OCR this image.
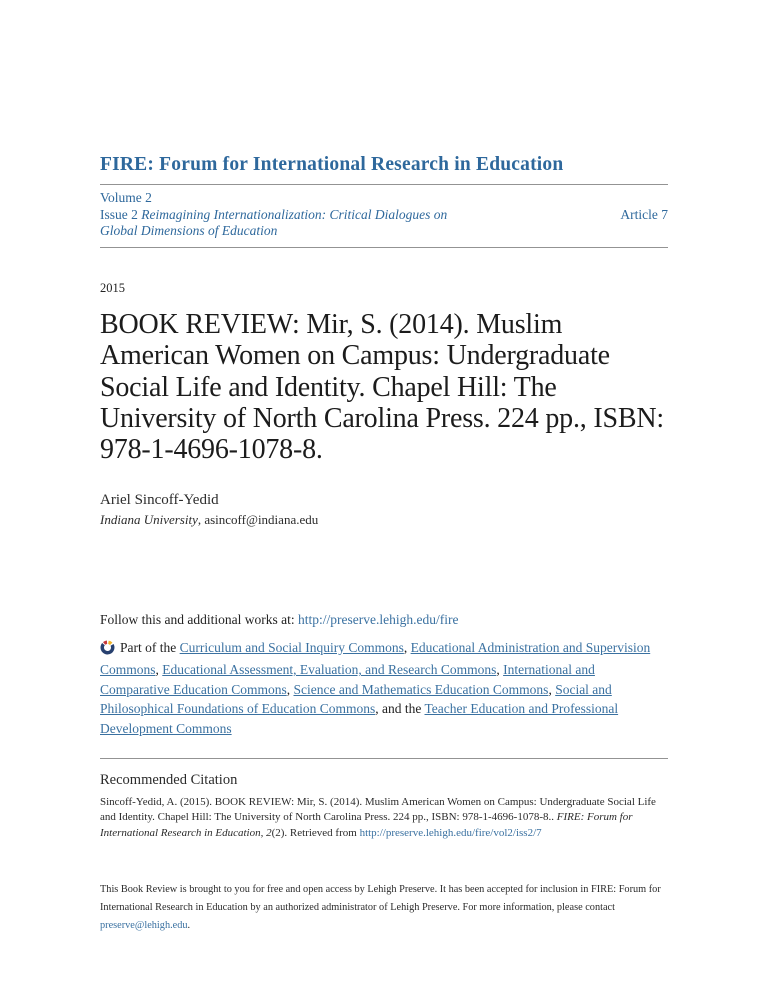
FIRE: Forum for International Research in Education
Volume 2
Issue 2 Reimagining Internationalization: Critical Dialogues on Global Dimensions of Education
Article 7
2015
BOOK REVIEW: Mir, S. (2014). Muslim American Women on Campus: Undergraduate Social Life and Identity. Chapel Hill: The University of North Carolina Press. 224 pp., ISBN: 978-1-4696-1078-8.
Ariel Sincoff-Yedid
Indiana University, asincoff@indiana.edu

Follow this and additional works at: http://preserve.lehigh.edu/fire

Part of the Curriculum and Social Inquiry Commons, Educational Administration and Supervision Commons, Educational Assessment, Evaluation, and Research Commons, International and Comparative Education Commons, Science and Mathematics Education Commons, Social and Philosophical Foundations of Education Commons, and the Teacher Education and Professional Development Commons

Recommended Citation

Sincoff-Yedid, A. (2015). BOOK REVIEW: Mir, S. (2014). Muslim American Women on Campus: Undergraduate Social Life and Identity. Chapel Hill: The University of North Carolina Press. 224 pp., ISBN: 978-1-4696-1078-8.. FIRE: Forum for International Research in Education, 2(2). Retrieved from http://preserve.lehigh.edu/fire/vol2/iss2/7

This Book Review is brought to you for free and open access by Lehigh Preserve. It has been accepted for inclusion in FIRE: Forum for International Research in Education by an authorized administrator of Lehigh Preserve. For more information, please contact preserve@lehigh.edu.
